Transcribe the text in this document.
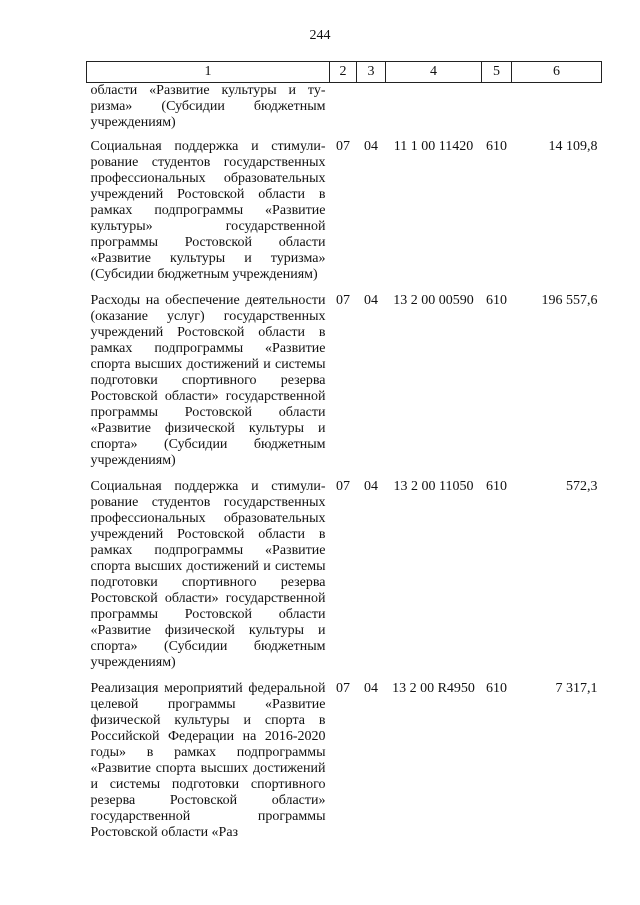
244
1	2	3	4	5	6
области «Развитие культуры и туризма» (Субсидии бюджетным учреждениям)					
Социальная поддержка и стимулирование студентов государственных профессиональных образовательных учреждений Ростовской области в рамках подпрограммы «Развитие культуры» государственной программы Ростовской области «Развитие культуры и туризма» (Субсидии бюджетным учреждениям)	07	04	11 1 00 11420	610	14 109,8
Расходы на обеспечение деятельности (оказание услуг) государственных учреждений Ростовской области в рамках подпрограммы «Развитие спорта высших достижений и системы подготовки спортивного резерва Ростовской области» государственной программы Ростовской области «Развитие физической культуры и спорта» (Субсидии бюджетным учреждениям)	07	04	13 2 00 00590	610	196 557,6
Социальная поддержка и стимулирование студентов государственных профессиональных образовательных учреждений Ростовской области в рамках подпрограммы «Развитие спорта высших достижений и системы подготовки спортивного резерва Ростовской области» государственной программы Ростовской области «Развитие физической культуры и спорта» (Субсидии бюджетным учреждениям)	07	04	13 2 00 11050	610	572,3
Реализация мероприятий федеральной целевой программы «Развитие физической культуры и спорта в Российской Федерации на 2016-2020 годы» в рамках подпрограммы «Развитие спорта высших достижений и системы подготовки спортивного резерва Ростовской области» государственной программы Ростовской области «Раз	07	04	13 2 00 R4950	610	7 317,1
